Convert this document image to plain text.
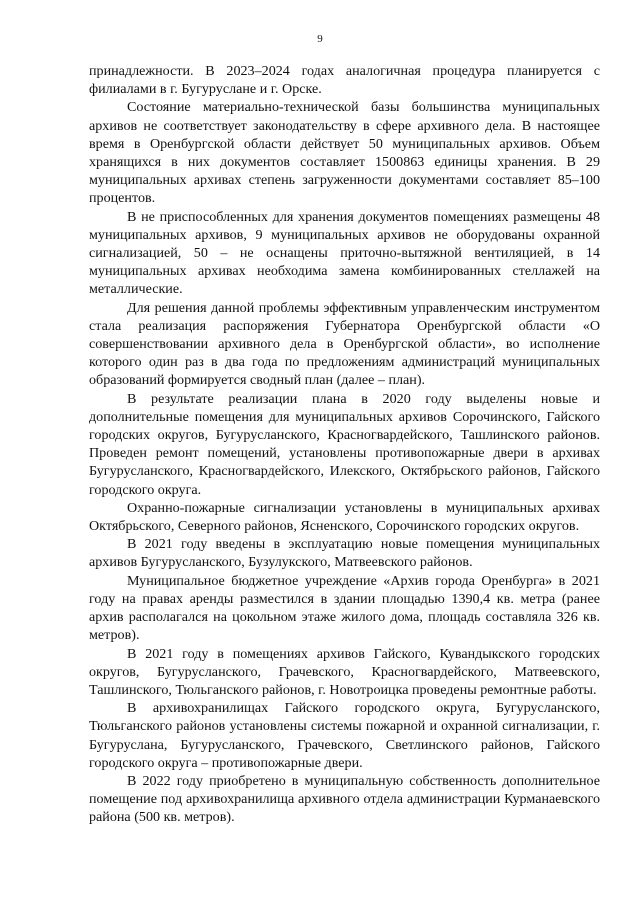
9

принадлежности. В 2023–2024 годах аналогичная процедура планируется с филиалами в г. Бугуруслане и г. Орске.

Состояние материально-технической базы большинства муниципальных архивов не соответствует законодательству в сфере архивного дела. В настоящее время в Оренбургской области действует 50 муниципальных архивов. Объем хранящихся в них документов составляет 1500863 единицы хранения. В 29 муниципальных архивах степень загруженности документами составляет 85–100 процентов.

В не приспособленных для хранения документов помещениях размещены 48 муниципальных архивов, 9 муниципальных архивов не оборудованы охранной сигнализацией, 50 – не оснащены приточно-вытяжной вентиляцией, в 14 муниципальных архивах необходима замена комбинированных стеллажей на металлические.

Для решения данной проблемы эффективным управленческим инструментом стала реализация распоряжения Губернатора Оренбургской области «О совершенствовании архивного дела в Оренбургской области», во исполнение которого один раз в два года по предложениям администраций муниципальных образований формируется сводный план (далее – план).

В результате реализации плана в 2020 году выделены новые и дополнительные помещения для муниципальных архивов Сорочинского, Гайского городских округов, Бугурусланского, Красногвардейского, Ташлинского районов. Проведен ремонт помещений, установлены противопожарные двери в архивах Бугурусланского, Красногвардейского, Илекского, Октябрьского районов, Гайского городского округа.

Охранно-пожарные сигнализации установлены в муниципальных архивах Октябрьского, Северного районов, Ясненского, Сорочинского городских округов.

В 2021 году введены в эксплуатацию новые помещения муниципальных архивов Бугурусланского, Бузулукского, Матвеевского районов.

Муниципальное бюджетное учреждение «Архив города Оренбурга» в 2021 году на правах аренды разместился в здании площадью 1390,4 кв. метра (ранее архив располагался на цокольном этаже жилого дома, площадь составляла 326 кв. метров).

В 2021 году в помещениях архивов Гайского, Кувандыкского городских округов, Бугурусланского, Грачевского, Красногвардейского, Матвеевского, Ташлинского, Тюльганского районов, г. Новотроицка проведены ремонтные работы.

В архивохранилищах Гайского городского округа, Бугурусланского, Тюльганского районов установлены системы пожарной и охранной сигнализации, г. Бугуруслана, Бугурусланского, Грачевского, Светлинского районов, Гайского городского округа – противопожарные двери.

В 2022 году приобретено в муниципальную собственность дополнительное помещение под архивохранилища архивного отдела администрации Курманаевского района (500 кв. метров).
